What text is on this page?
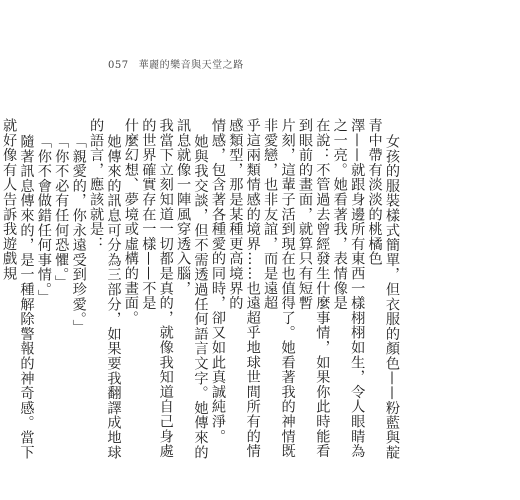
057 華麗的樂音與天堂之路

女孩的服裝樣式簡單，但衣服的顏色——粉藍與靛青中帶有淡淡的桃橘色

澤——就跟身邊所有東西一樣栩栩如生，令人眼睛為之一亮。她看著我，表情像是

在說：不管過去曾經發生什麼事情，如果你此時能看到眼前的畫面，就算只有短暫

片刻，這輩子活到現在也值得了。她看著我的神情既非愛戀，也非友誼，而是遠超

乎這兩類情感的境界……也遠超乎地球世間所有的情感類型，那是某種更高境界的

情感，包含著各種愛的同時，卻又如此真誠純淨。

她與我交談，但不需透過任何語言文字。她傳來的訊息就像一陣風穿透入腦，

我當下立刻知道一切都是真的，就像我知道自己身處的世界確實存在一樣——不是

什麼幻想、夢境或虛構的畫面。

她傳來的訊息可分為三部分，如果要我翻譯成地球的語言，應該就是：

「親愛的，你永遠受到珍愛。」

「你不必有任何恐懼。」

「你不會做錯任何事情。」

隨著訊息傳來的，是一種解除警報的神奇感。當下就好像有人告訴我遊戲規
